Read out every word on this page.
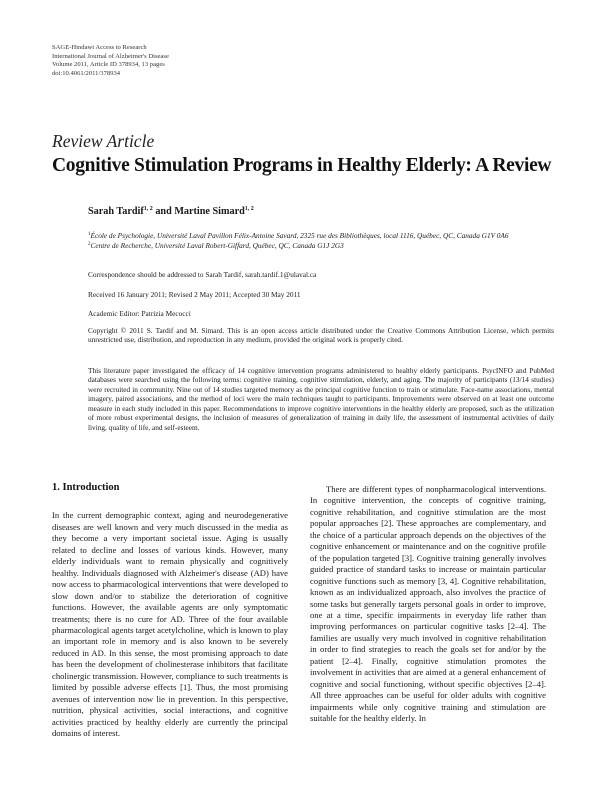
SAGE-Hindawi Access to Research
International Journal of Alzheimer's Disease
Volume 2011, Article ID 378934, 13 pages
doi:10.4061/2011/378934
Review Article
Cognitive Stimulation Programs in Healthy Elderly: A Review
Sarah Tardif$^{1, 2}$ and Martine Simard$^{1, 2}$

$^1$École de Psychologie, Université Laval Pavillon Félix-Antoine Savard, 2325 rue des Bibliothèques, local 1116, Québec, QC, Canada G1V 0A6

$^2$Centre de Recherche, Université Laval Robert-Giffard, Québec, QC, Canada G1J 2G3

Correspondence should be addressed to Sarah Tardif, sarah.tardif.1@ulaval.ca
Received 16 January 2011; Revised 2 May 2011; Accepted 30 May 2011
Academic Editor: Patrizia Mecocci
Copyright © 2011 S. Tardif and M. Simard. This is an open access article distributed under the Creative Commons Attribution License, which permits unrestricted use, distribution, and reproduction in any medium, provided the original work is properly cited.
This literature paper investigated the efficacy of 14 cognitive intervention programs administered to healthy elderly participants. PsycINFO and PubMed databases were searched using the following terms: cognitive training, cognitive stimulation, elderly, and aging. The majority of participants (13/14 studies) were recruited in community. Nine out of 14 studies targeted memory as the principal cognitive function to train or stimulate. Face-name associations, mental imagery, paired associations, and the method of loci were the main techniques taught to participants. Improvements were observed on at least one outcome measure in each study included in this paper. Recommendations to improve cognitive interventions in the healthy elderly are proposed, such as the utilization of more robust experimental designs, the inclusion of measures of generalization of training in daily life, the assessment of instrumental activities of daily living, quality of life, and self-esteem.
1. Introduction

In the current demographic context, aging and neurodegenerative diseases are well known and very much discussed in the media as they become a very important societal issue. Aging is usually related to decline and losses of various kinds. However, many elderly individuals want to remain physically and cognitively healthy. Individuals diagnosed with Alzheimer's disease (AD) have now access to pharmacological interventions that were developed to slow down and/or to stabilize the deterioration of cognitive functions. However, the available agents are only symptomatic treatments; there is no cure for AD. Three of the four available pharmacological agents target acetylcholine, which is known to play an important role in memory and is also known to be severely reduced in AD. In this sense, the most promising approach to date has been the development of cholinesterase inhibitors that facilitate cholinergic transmission. However, compliance to such treatments is limited by possible adverse effects [1]. Thus, the most promising avenues of intervention now lie in prevention. In this perspective, nutrition, physical activities, social interactions, and cognitive activities practiced by healthy elderly are currently the principal domains of interest.

There are different types of nonpharmacological interventions. In cognitive intervention, the concepts of cognitive training, cognitive rehabilitation, and cognitive stimulation are the most popular approaches [2]. These approaches are complementary, and the choice of a particular approach depends on the objectives of the cognitive enhancement or maintenance and on the cognitive profile of the population targeted [3]. Cognitive training generally involves guided practice of standard tasks to increase or maintain particular cognitive functions such as memory [3, 4]. Cognitive rehabilitation, known as an individualized approach, also involves the practice of some tasks but generally targets personal goals in order to improve, one at a time, specific impairments in everyday life rather than improving performances on particular cognitive tasks [2–4]. The families are usually very much involved in cognitive rehabilitation in order to find strategies to reach the goals set for and/or by the patient [2–4]. Finally, cognitive stimulation promotes the involvement in activities that are aimed at a general enhancement of cognitive and social functioning, without specific objectives [2–4]. All three approaches can be useful for older adults with cognitive impairments while only cognitive training and stimulation are suitable for the healthy elderly. In
